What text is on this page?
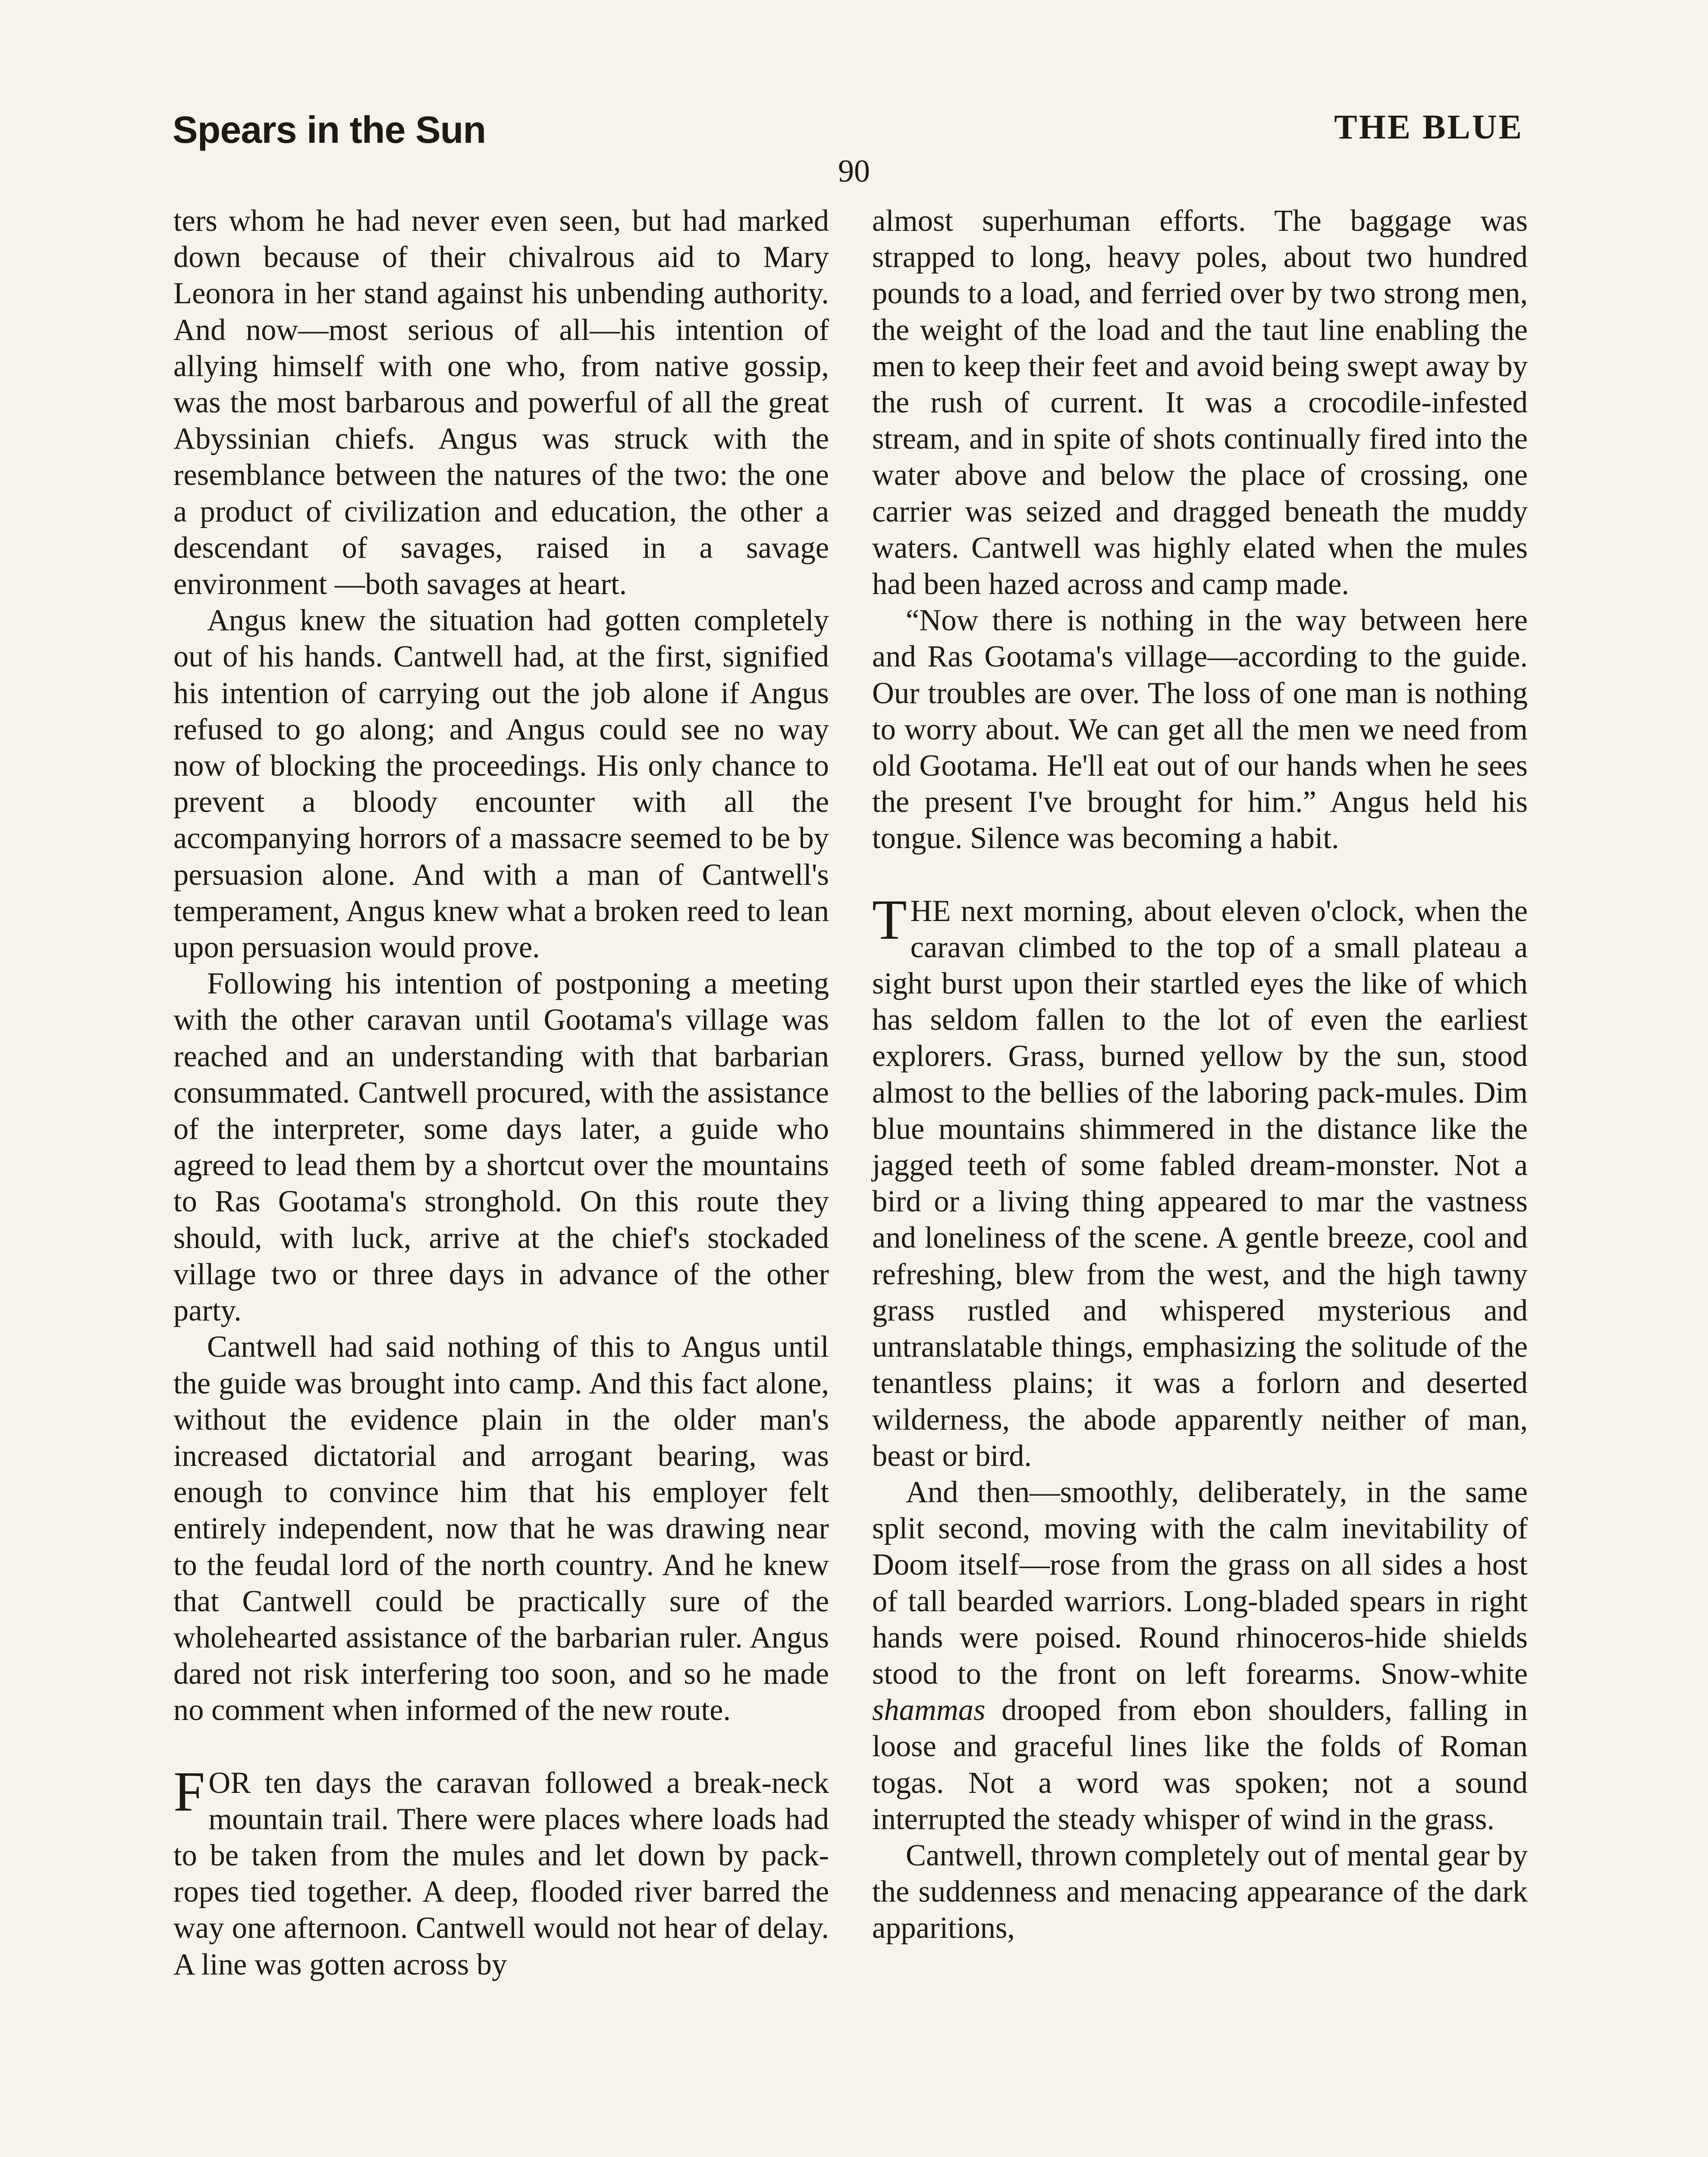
Spears in the Sun	THE BLUE
90

ters whom he had never even seen, but had marked down because of their chivalrous aid to Mary Leonora in her stand against his unbending authority. And now—most serious of all—his intention of allying himself with one who, from native gossip, was the most barbarous and powerful of all the great Abyssinian chiefs. Angus was struck with the resemblance between the natures of the two: the one a product of civilization and education, the other a descendant of savages, raised in a savage environment —both savages at heart.

Angus knew the situation had gotten completely out of his hands. Cantwell had, at the first, signified his intention of carrying out the job alone if Angus refused to go along; and Angus could see no way now of blocking the proceedings. His only chance to prevent a bloody encounter with all the accompanying horrors of a massacre seemed to be by persuasion alone. And with a man of Cantwell's temperament, Angus knew what a broken reed to lean upon persuasion would prove.

Following his intention of postponing a meeting with the other caravan until Gootama's village was reached and an understanding with that barbarian consummated. Cantwell procured, with the assistance of the interpreter, some days later, a guide who agreed to lead them by a shortcut over the mountains to Ras Gootama's stronghold. On this route they should, with luck, arrive at the chief's stockaded village two or three days in advance of the other party.

Cantwell had said nothing of this to Angus until the guide was brought into camp. And this fact alone, without the evidence plain in the older man's increased dictatorial and arrogant bearing, was enough to convince him that his employer felt entirely independent, now that he was drawing near to the feudal lord of the north country. And he knew that Cantwell could be practically sure of the wholehearted assistance of the barbarian ruler. Angus dared not risk interfering too soon, and so he made no comment when informed of the new route.

FOR ten days the caravan followed a break-neck mountain trail. There were places where loads had to be taken from the mules and let down by pack-ropes tied together. A deep, flooded river barred the way one afternoon. Cantwell would not hear of delay. A line was gotten across by

almost superhuman efforts. The baggage was strapped to long, heavy poles, about two hundred pounds to a load, and ferried over by two strong men, the weight of the load and the taut line enabling the men to keep their feet and avoid being swept away by the rush of current. It was a crocodile-infested stream, and in spite of shots continually fired into the water above and below the place of crossing, one carrier was seized and dragged beneath the muddy waters. Cantwell was highly elated when the mules had been hazed across and camp made.

“Now there is nothing in the way between here and Ras Gootama's village—according to the guide. Our troubles are over. The loss of one man is nothing to worry about. We can get all the men we need from old Gootama. He'll eat out of our hands when he sees the present I've brought for him.” Angus held his tongue. Silence was becoming a habit.

THE next morning, about eleven o'clock, when the caravan climbed to the top of a small plateau a sight burst upon their startled eyes the like of which has seldom fallen to the lot of even the earliest explorers. Grass, burned yellow by the sun, stood almost to the bellies of the laboring pack-mules. Dim blue mountains shimmered in the distance like the jagged teeth of some fabled dream-monster. Not a bird or a living thing appeared to mar the vastness and loneliness of the scene. A gentle breeze, cool and refreshing, blew from the west, and the high tawny grass rustled and whispered mysterious and untranslatable things, emphasizing the solitude of the tenantless plains; it was a forlorn and deserted wilderness, the abode apparently neither of man, beast or bird.

And then—smoothly, deliberately, in the same split second, moving with the calm inevitability of Doom itself—rose from the grass on all sides a host of tall bearded warriors. Long-bladed spears in right hands were poised. Round rhinoceros-hide shields stood to the front on left forearms. Snow-white shammas drooped from ebon shoulders, falling in loose and graceful lines like the folds of Roman togas. Not a word was spoken; not a sound interrupted the steady whisper of wind in the grass.

Cantwell, thrown completely out of mental gear by the suddenness and menacing appearance of the dark apparitions,
